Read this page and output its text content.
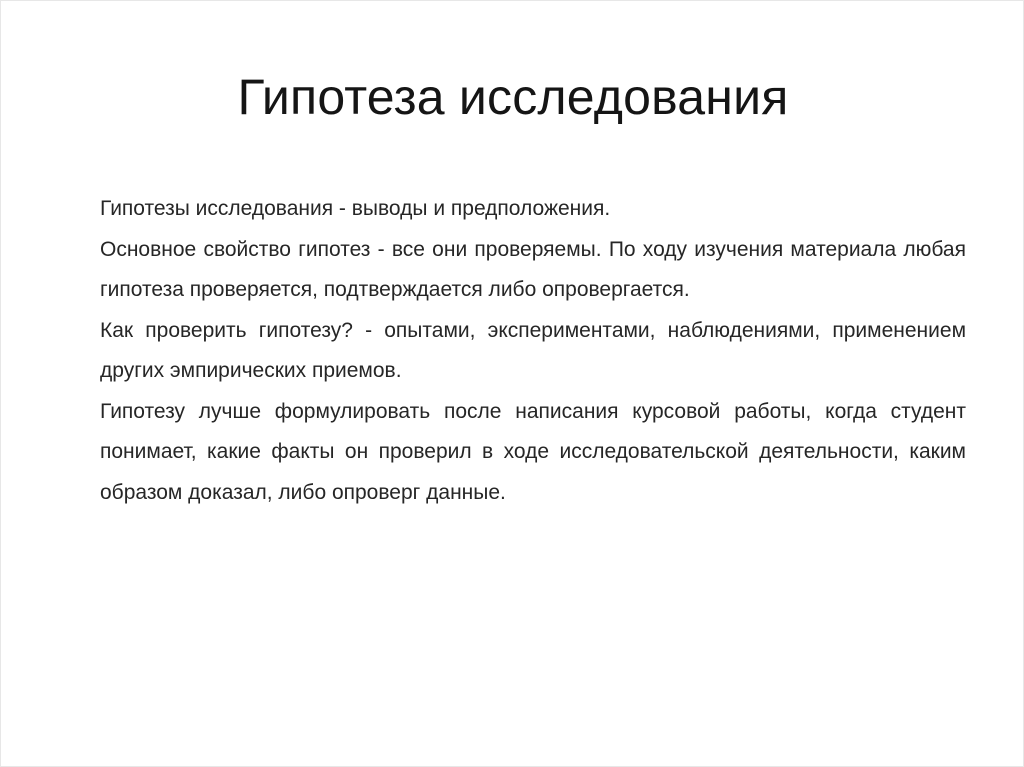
Гипотеза исследования

Гипотезы исследования - выводы и предположения.

Основное свойство гипотез - все они проверяемы. По ходу изучения материала любая гипотеза проверяется, подтверждается либо опровергается.

Как проверить гипотезу? - опытами, экспериментами, наблюдениями, применением других эмпирических приемов.

Гипотезу лучше формулировать после написания курсовой работы, когда студент понимает, какие факты он проверил в ходе исследовательской деятельности, каким образом доказал, либо опроверг данные.
